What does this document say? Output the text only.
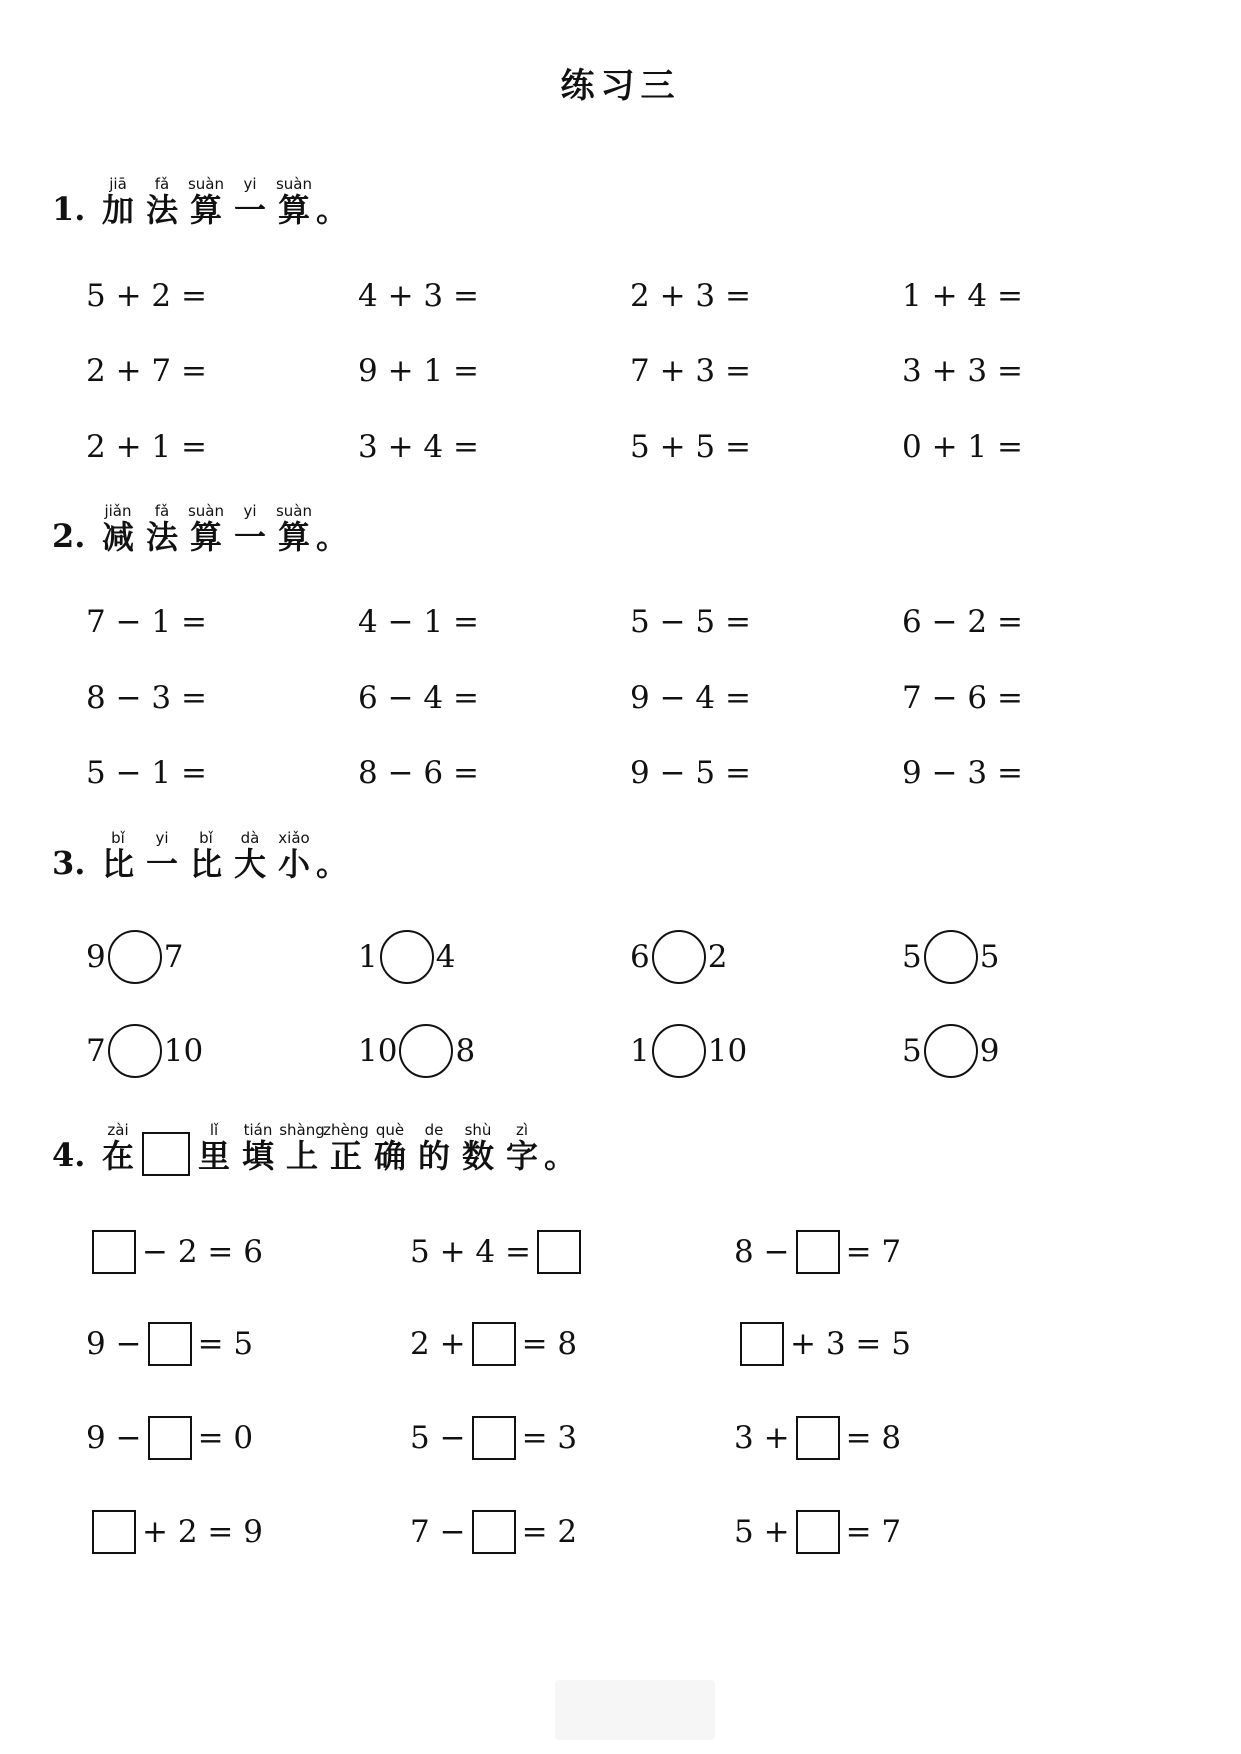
练习三
1.
jiā
加
fǎ
法
suàn
算
yi
一
suàn
算 。
5 + 2 =	4 + 3 =	2 + 3 =	1 + 4 =
2 + 7 =	9 + 1 =	7 + 3 =	3 + 3 =
2 + 1 =	3 + 4 =	5 + 5 =	0 + 1 =
2.
jiǎn
减
fǎ
法
suàn
算
yi
一
suàn
算 。
7 − 1 =	4 − 1 =	5 − 5 =	6 − 2 =
8 − 3 =	6 − 4 =	9 − 4 =	7 − 6 =
5 − 1 =	8 − 6 =	9 − 5 =	9 − 3 =
3.
bǐ
比
yi
一
bǐ
比
dà
大
xiǎo
小 。
9 7	1 4	6 2	5 5
7 10	10 8	1 10	5 9
4.
zài
在
lǐ
里
tián
填
shàng
上
zhèng
正
què
确
de
的
shù
数
zì
字 。
− 2 = 6	5 + 4 =	8 − = 7
9 − = 5	2 + = 8	+ 3 = 5
9 − = 0	5 − = 3	3 + = 8
+ 2 = 9	7 − = 2	5 + = 7
